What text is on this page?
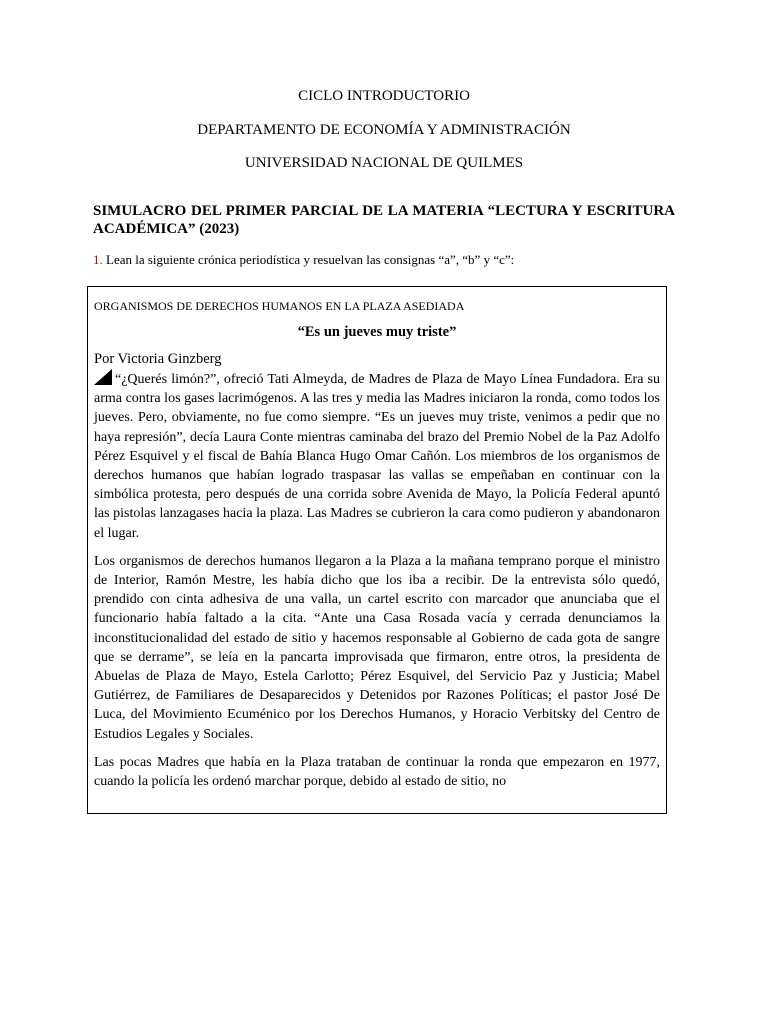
CICLO INTRODUCTORIO
DEPARTAMENTO DE ECONOMÍA Y ADMINISTRACIÓN
UNIVERSIDAD NACIONAL DE QUILMES
SIMULACRO DEL PRIMER PARCIAL DE LA MATERIA “LECTURA Y ESCRITURA ACADÉMICA” (2023)
1. Lean la siguiente crónica periodística y resuelvan las consignas “a”, “b” y “c”:
ORGANISMOS DE DERECHOS HUMANOS EN LA PLAZA ASEDIADA
“Es un jueves muy triste”
Por Victoria Ginzberg

“¿Querés limón?”, ofreció Tati Almeyda, de Madres de Plaza de Mayo Línea Fundadora. Era su arma contra los gases lacrimógenos. A las tres y media las Madres iniciaron la ronda, como todos los jueves. Pero, obviamente, no fue como siempre. “Es un jueves muy triste, venimos a pedir que no haya represión”, decía Laura Conte mientras caminaba del brazo del Premio Nobel de la Paz Adolfo Pérez Esquivel y el fiscal de Bahía Blanca Hugo Omar Cañón. Los miembros de los organismos de derechos humanos que habían logrado traspasar las vallas se empeñaban en continuar con la simbólica protesta, pero después de una corrida sobre Avenida de Mayo, la Policía Federal apuntó las pistolas lanzagases hacia la plaza. Las Madres se cubrieron la cara como pudieron y abandonaron el lugar.

Los organismos de derechos humanos llegaron a la Plaza a la mañana temprano porque el ministro de Interior, Ramón Mestre, les había dicho que los iba a recibir. De la entrevista sólo quedó, prendido con cinta adhesiva de una valla, un cartel escrito con marcador que anunciaba que el funcionario había faltado a la cita. “Ante una Casa Rosada vacía y cerrada denunciamos la inconstitucionalidad del estado de sitio y hacemos responsable al Gobierno de cada gota de sangre que se derrame”, se leía en la pancarta improvisada que firmaron, entre otros, la presidenta de Abuelas de Plaza de Mayo, Estela Carlotto; Pérez Esquivel, del Servicio Paz y Justicia; Mabel Gutiérrez, de Familiares de Desaparecidos y Detenidos por Razones Políticas; el pastor José De Luca, del Movimiento Ecuménico por los Derechos Humanos, y Horacio Verbitsky del Centro de Estudios Legales y Sociales.

Las pocas Madres que había en la Plaza trataban de continuar la ronda que empezaron en 1977, cuando la policía les ordenó marchar porque, debido al estado de sitio, no
